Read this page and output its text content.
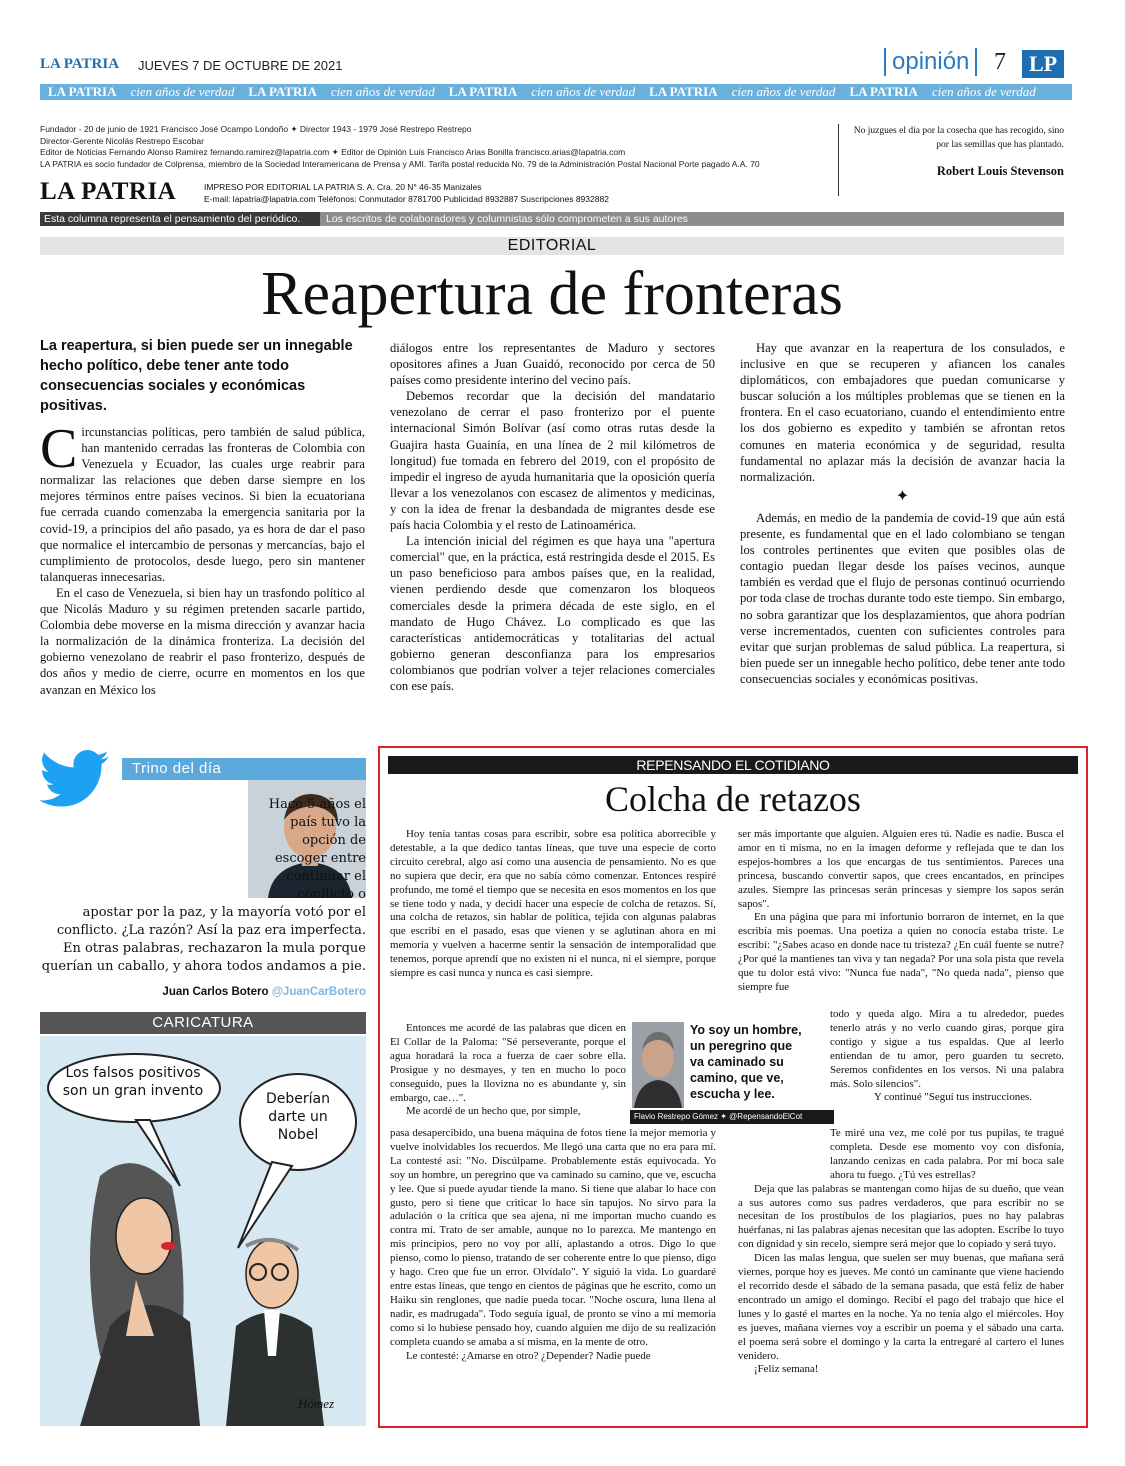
LA PATRIA JUEVES 7 DE OCTUBRE DE 2021	opinión	7	LP
LA PATRIA cien años de verdad LA PATRIA cien años de verdad LA PATRIA cien años de verdad LA PATRIA cien años de verdad LA PATRIA cien años de verdad
Fundador - 20 de junio de 1921 Francisco José Ocampo Londoño ✦ Director 1943 - 1979 José Restrepo Restrepo
Director-Gerente Nicolás Restrepo Escobar
Editor de Noticias Fernando Alonso Ramírez fernando.ramirez@lapatria.com ✦ Editor de Opinión Luis Francisco Arias Bonilla francisco.arias@lapatria.com
LA PATRIA es socio fundador de Colprensa, miembro de la Sociedad Interamericana de Prensa y AMI. Tarifa postal reducida No. 79 de la Administración Postal Nacional Porte pagado A.A. 70
LA PATRIA	IMPRESO POR EDITORIAL LA PATRIA S. A. Cra. 20 N° 46-35 Manizales
E-mail: lapatria@lapatria.com Teléfonos: Conmutador 8781700 Publicidad 8932887 Suscripciones 8932882
No juzgues el día por la cosecha que has recogido, sino por las semillas que has plantado.
Robert Louis Stevenson
Esta columna representa el pensamiento del periódico.	Los escritos de colaboradores y columnistas sólo comprometen a sus autores
EDITORIAL
Reapertura de fronteras
La reapertura, si bien puede ser un innegable hecho político, debe tener ante todo consecuencias sociales y económicas positivas.
C ircunstancias políticas, pero también de salud pública, han mantenido cerradas las fronteras de Colombia con Venezuela y Ecuador, las cuales urge reabrir para normalizar las relaciones que deben darse siempre en los mejores términos entre países vecinos. Si bien la ecuatoriana fue cerrada cuando comenzaba la emergencia sanitaria por la covid-19, a principios del año pasado, ya es hora de dar el paso que normalice el intercambio de personas y mercancías, bajo el cumplimiento de protocolos, desde luego, pero sin mantener talanqueras innecesarias.

En el caso de Venezuela, si bien hay un trasfondo político al que Nicolás Maduro y su régimen pretenden sacarle partido, Colombia debe moverse en la misma dirección y avanzar hacia la normalización de la dinámica fronteriza. La decisión del gobierno venezolano de reabrir el paso fronterizo, después de dos años y medio de cierre, ocurre en momentos en los que avanzan en México los

diálogos entre los representantes de Maduro y sectores opositores afines a Juan Guaidó, reconocido por cerca de 50 países como presidente interino del vecino país.

Debemos recordar que la decisión del mandatario venezolano de cerrar el paso fronterizo por el puente internacional Simón Bolívar (así como otras rutas desde la Guajira hasta Guainía, en una línea de 2 mil kilómetros de longitud) fue tomada en febrero del 2019, con el propósito de impedir el ingreso de ayuda humanitaria que la oposición quería llevar a los venezolanos con escasez de alimentos y medicinas, y con la idea de frenar la desbandada de migrantes desde ese país hacia Colombia y el resto de Latinoamérica.

La intención inicial del régimen es que haya una "apertura comercial" que, en la práctica, está restringida desde el 2015. Es un paso beneficioso para ambos países que, en la realidad, vienen perdiendo desde que comenzaron los bloqueos comerciales desde la primera década de este siglo, en el mandato de Hugo Chávez. Lo complicado es que las características antidemocráticas y totalitarias del actual gobierno generan desconfianza para los empresarios colombianos que podrían volver a tejer relaciones comerciales con ese país.

Hay que avanzar en la reapertura de los consulados, e inclusive en que se recuperen y afiancen los canales diplomáticos, con embajadores que puedan comunicarse y buscar solución a los múltiples problemas que se tienen en la frontera. En el caso ecuatoriano, cuando el entendimiento entre los dos gobierno es expedito y también se afrontan retos comunes en materia económica y de seguridad, resulta fundamental no aplazar más la decisión de avanzar hacia la normalización.

✦

Además, en medio de la pandemia de covid-19 que aún está presente, es fundamental que en el lado colombiano se tengan los controles pertinentes que eviten que posibles olas de contagio puedan llegar desde los países vecinos, aunque también es verdad que el flujo de personas continuó ocurriendo por toda clase de trochas durante todo este tiempo. Sin embargo, no sobra garantizar que los desplazamientos, que ahora podrían verse incrementados, cuenten con suficientes controles para evitar que surjan problemas de salud pública. La reapertura, si bien puede ser un innegable hecho político, debe tener ante todo consecuencias sociales y económicas positivas.

Trino del día
Hace 5 años el país tuvo la opción de escoger entre continuar el conflicto o apostar por la paz, y la mayoría votó por el conflicto. ¿La razón? Así la paz era imperfecta. En otras palabras, rechazaron la mula porque querían un caballo, y ahora todos andamos a pie.
Juan Carlos Botero @JuanCarBotero
CARICATURA
Los falsos positivos son un gran invento	Deberían darte un Nobel
Hómez
REPENSANDO EL COTIDIANO
Colcha de retazos

Hoy tenía tantas cosas para escribir, sobre esa política aborrecible y detestable, a la que dedico tantas líneas, que tuve una especie de corto circuito cerebral, algo así como una ausencia de pensamiento. No es que no supiera que decir, era que no sabía cómo comenzar. Entonces respiré profundo, me tomé el tiempo que se necesita en esos momentos en los que se tiene todo y nada, y decidí hacer una especie de colcha de retazos. Sí, una colcha de retazos, sin hablar de política, tejida con algunas palabras que escribí en el pasado, esas que vienen y se aglutinan ahora en mi memoria y vuelven a hacerme sentir la sensación de intemporalidad que tenemos, porque aprendí que no existen ni el nunca, ni el siempre, porque siempre es casi nunca y nunca es casi siempre.

Entonces me acordé de las palabras que dicen en El Collar de la Paloma: "Sé perseverante, porque el agua horadará la roca a fuerza de caer sobre ella. Prosigue y no desmayes, y ten en mucho lo poco conseguido, pues la llovizna no es abundante y, sin embargo, cae…".

Me acordé de un hecho que, por simple,

Yo soy un hombre, un peregrino que va caminado su camino, que ve, escucha y lee.
Flavio Restrepo Gómez ✦ @RepensandoElCot

pasa desapercibido, una buena máquina de fotos tiene la mejor memoria y vuelve inolvidables los recuerdos. Me llegó una carta que no era para mí. La contesté así: "No. Discúlpame. Probablemente estás equivocada. Yo soy un hombre, un peregrino que va caminado su camino, que ve, escucha y lee. Que si puede ayudar tiende la mano. Si tiene que alabar lo hace con gusto, pero si tiene que criticar lo hace sin tapujos. No sirvo para la adulación o la crítica que sea ajena, ni me importan mucho cuando es contra mí. Trato de ser amable, aunque no lo parezca. Me mantengo en mis principios, pero no voy por allí, aplastando a otros. Digo lo que pienso, como lo pienso, tratando de ser coherente entre lo que pienso, digo y hago. Creo que fue un error. Olvídalo". Y siguió la vida. Lo guardaré entre estas líneas, que tengo en cientos de páginas que he escrito, como un Haiku sin renglones, que nadie pueda tocar. "Noche oscura, luna llena al nadir, es madrugada". Todo seguía igual, de pronto se vino a mi memoria como si lo hubiese pensado hoy, cuando alguien me dijo de su realización completa cuando se amaba a sí misma, en la mente de otro.

Le contesté: ¿Amarse en otro? ¿Depender? Nadie puede

ser más importante que alguien. Alguien eres tú. Nadie es nadie. Busca el amor en ti misma, no en la imagen deforme y reflejada que te dan los espejos-hombres a los que encargas de tus sentimientos. Pareces una princesa, buscando convertir sapos, que crees encantados, en príncipes azules. Siempre las princesas serán princesas y siempre los sapos serán sapos".

En una página que para mi infortunio borraron de internet, en la que escribía mis poemas. Una poetiza a quien no conocía estaba triste. Le escribí: "¿Sabes acaso en donde nace tu tristeza? ¿En cuál fuente se nutre? ¿Por qué la mantienes tan viva y tan negada? Por una sola pista que revela que tu dolor está vivo: "Nunca fue nada", "No queda nada", pienso que siempre fue

todo y queda algo. Mira a tu alrededor, puedes tenerlo atrás y no verlo cuando giras, porque gira contigo y sigue a tus espaldas. Que al leerlo entiendan de tu amor, pero guarden tu secreto. Seremos confidentes en los versos. Ni una palabra más. Solo silencios".

Y continué "Seguí tus instrucciones.

Te miré una vez, me colé por tus pupilas, te tragué completa. Desde ese momento voy con disfonía, lanzando cenizas en cada palabra. Por mi boca sale ahora tu fuego. ¿Tú ves estrellas?

Deja que las palabras se mantengan como hijas de su dueño, que vean a sus autores como sus padres verdaderos, que para escribir no se necesitan de los prostíbulos de los plagiarios, pues no hay palabras huérfanas, ni las palabras ajenas necesitan que las adopten. Escribe lo tuyo con dignidad y sin recelo, siempre será mejor que lo copiado y será tuyo.

Dicen las malas lengua, que suelen ser muy buenas, que mañana será viernes, porque hoy es jueves. Me contó un caminante que viene haciendo el recorrido desde el sábado de la semana pasada, que está feliz de haber encontrado un amigo el domingo. Recibí el pago del trabajo que hice el lunes y lo gasté el martes en la noche. Ya no tenía algo el miércoles. Hoy es jueves, mañana viernes voy a escribir un poema y el sábado una carta. el poema será sobre el domingo y la carta la entregaré al cartero el lunes venidero.

¡Feliz semana!
